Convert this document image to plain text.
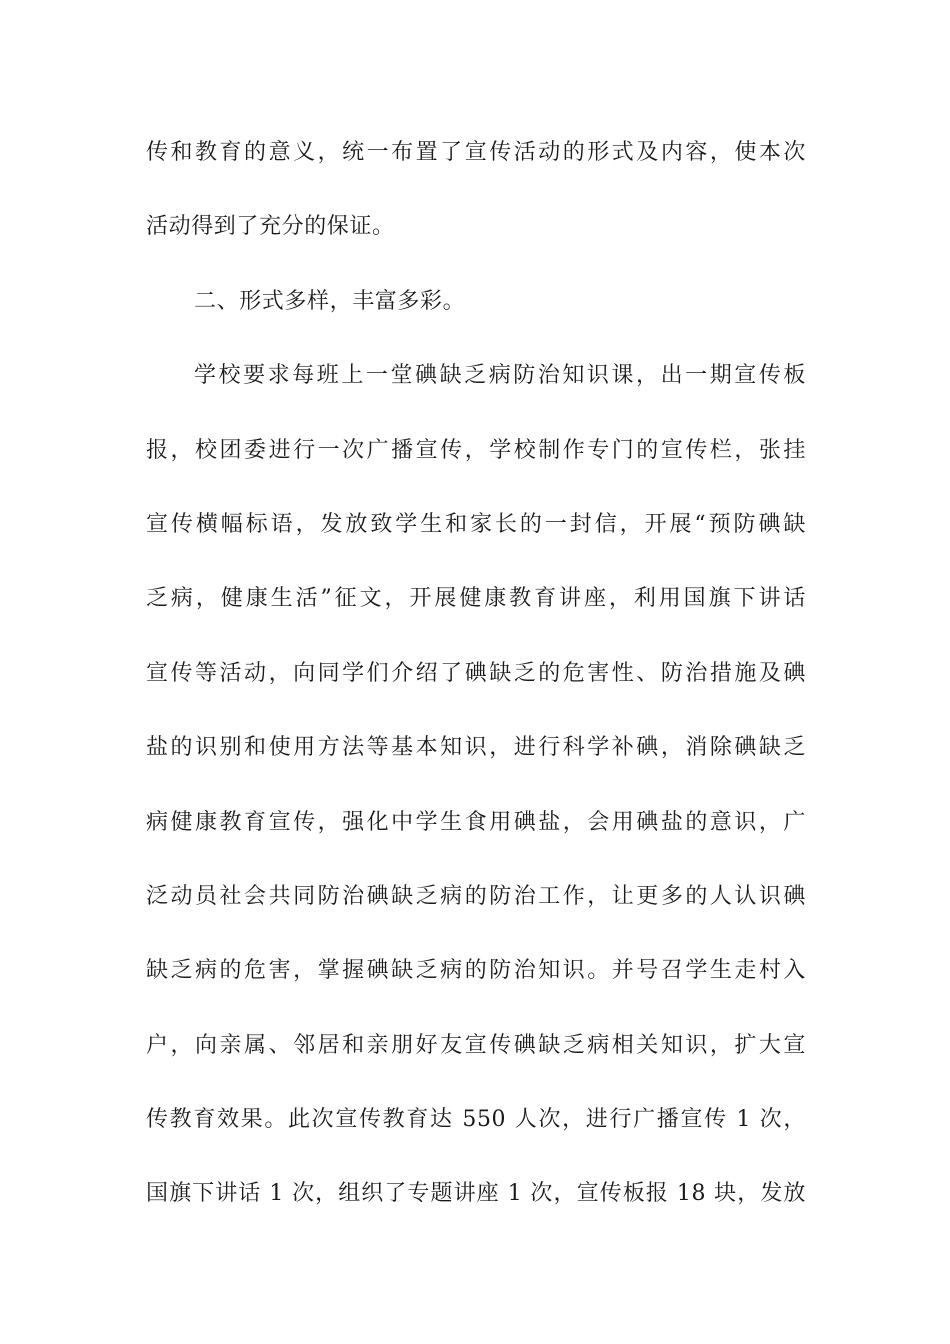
传和教育的意义，统一布置了宣传活动的形式及内容，使本次
活动得到了充分的保证。
二、形式多样，丰富多彩。
学校要求每班上一堂碘缺乏病防治知识课，出一期宣传板
报，校团委进行一次广播宣传，学校制作专门的宣传栏，张挂
宣传横幅标语，发放致学生和家长的一封信，开展“预防碘缺
乏病，健康生活”征文，开展健康教育讲座，利用国旗下讲话
宣传等活动，向同学们介绍了碘缺乏的危害性、防治措施及碘
盐的识别和使用方法等基本知识，进行科学补碘，消除碘缺乏
病健康教育宣传，强化中学生食用碘盐，会用碘盐的意识，广
泛动员社会共同防治碘缺乏病的防治工作，让更多的人认识碘
缺乏病的危害，掌握碘缺乏病的防治知识。并号召学生走村入
户，向亲属、邻居和亲朋好友宣传碘缺乏病相关知识，扩大宣
传教育效果。此次宣传教育达 550 人次，进行广播宣传 1 次，
国旗下讲话 1 次，组织了专题讲座 1 次，宣传板报 18 块，发放
